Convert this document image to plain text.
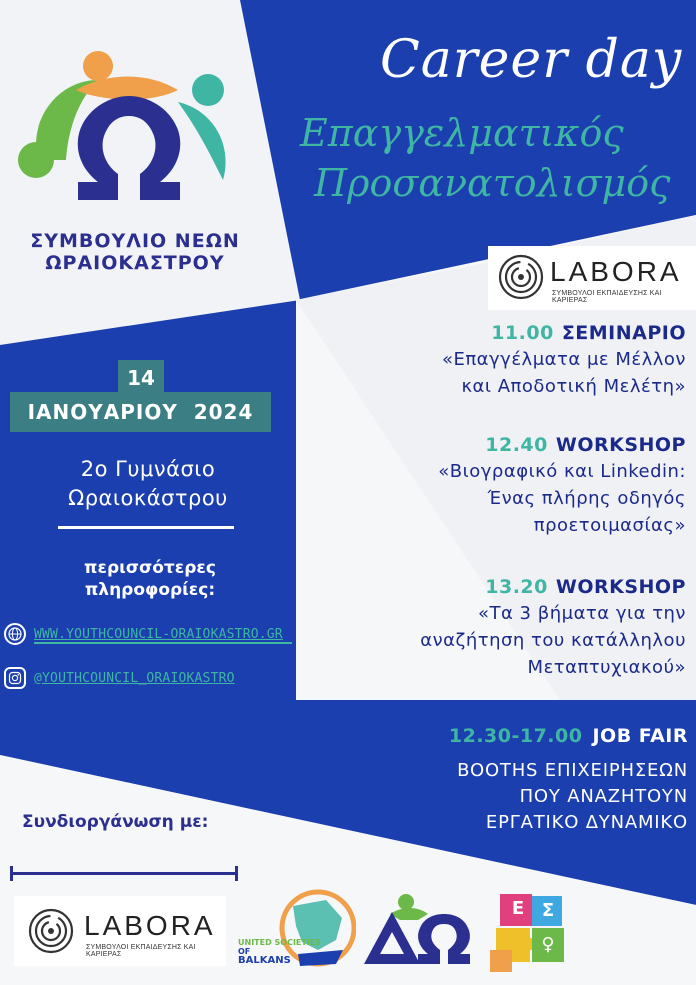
ΣΥΜΒΟΥΛΙΟ ΝΕΩΝ
ΩΡΑΙΟΚΑΣΤΡΟΥ
Career day
Επαγγελματικός
Προσανατολισμός
LABORA
ΣΥΜΒΟΥΛΟΙ ΕΚΠΑΙΔΕΥΣΗΣ ΚΑΙ ΚΑΡΙΕΡΑΣ
11.00 ΣΕΜΙΝΑΡΙΟ
«Επαγγέλματα με Μέλλον
και Αποδοτική Μελέτη»
12.40 WORKSHOP
«Βιογραφικό και Linkedin:
Ένας πλήρης οδηγός
προετοιμασίας»
13.20 WORKSHOP
«Τα 3 βήματα για την
αναζήτηση του κατάλληλου
Μεταπτυχιακού»
14
ΙΑΝΟΥΑΡΙΟΥ  2024
2ο Γυμνάσιο
Ωραιοκάστρου
περισσότερες
πληροφορίες:
WWW.YOUTHCOUNCIL-ORAIOKASTRO.GR
@YOUTHCOUNCIL_ORAIOKASTRO
12.30-17.00 JOB FAIR
BOOTHS ΕΠΙΧΕΙΡΗΣΕΩΝ
ΠΟΥ ΑΝΑΖΗΤΟΥΝ
ΕΡΓΑΤΙΚΟ ΔΥΝΑΜΙΚΟ
Συνδιοργάνωση με:
LABORA
ΣΥΜΒΟΥΛΟΙ ΕΚΠΑΙΔΕΥΣΗΣ ΚΑΙ ΚΑΡΙΕΡΑΣ
UNITED SOCIETIES
OF
BALKANS
Ε Σ
♀
